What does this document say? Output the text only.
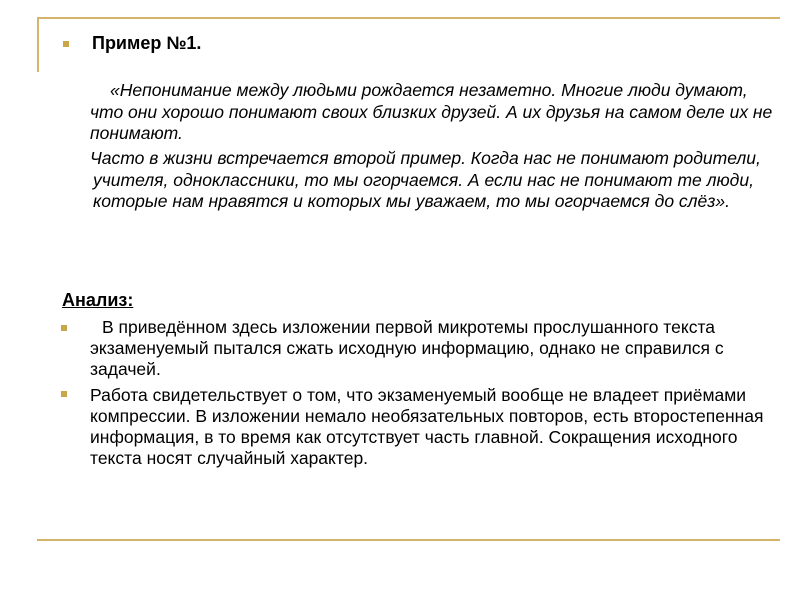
Пример №1.
«Непонимание между людьми рождается незаметно. Многие люди думают, что они хорошо понимают своих близких друзей. А их друзья на самом деле их не понимают.
Часто в жизни встречается второй пример. Когда нас не понимают родители, учителя, одноклассники, то мы огорчаемся. А если нас не понимают те люди, которые нам нравятся и которых мы уважаем, то мы огорчаемся до слёз».
Анализ:
В приведённом здесь изложении первой микротемы прослушанного текста экзаменуемый пытался сжать исходную информацию, однако не справился с задачей.
Работа свидетельствует о том, что экзаменуемый вообще не владеет приёмами компрессии. В изложении немало необязательных повторов, есть второстепенная информация, в то время как отсутствует часть главной. Сокращения исходного текста носят случайный характер.
